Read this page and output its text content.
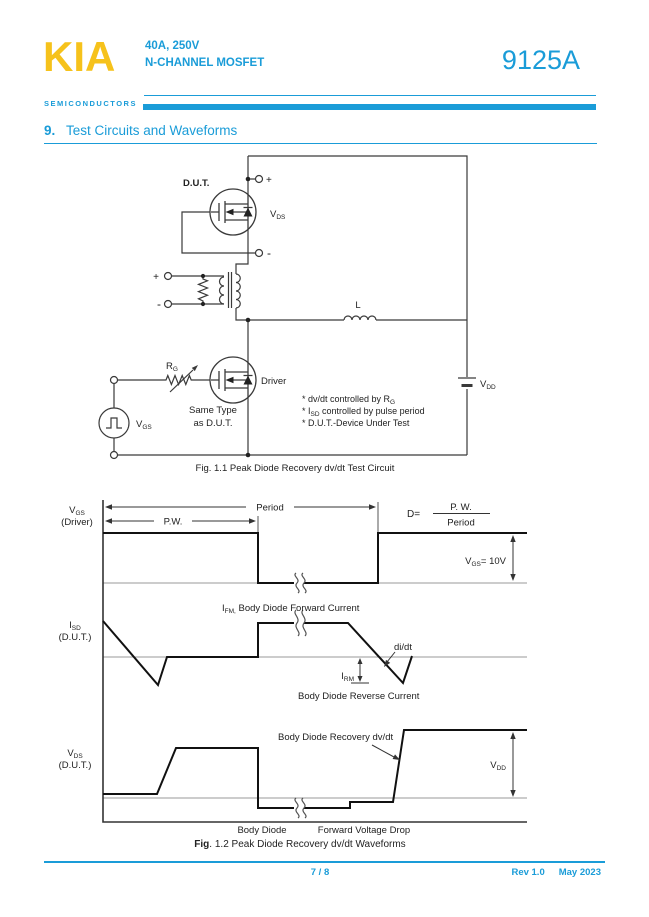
KIA
SEMICONDUCTORS
40A, 250V
N-CHANNEL MOSFET	9125A
9. Test Circuits and Waveforms
D.U.T.	+
-
$V_{DS}$
+
-
$R_G$
Driver
Same Type
as D.U.T.
$V_{GS}$
L
$V_{DD}$
* dv/dt controlled by $R_G$
* $I_{SD}$ controlled by pulse period
* D.U.T.-Device Under Test
Fig. 1.1 Peak Diode Recovery dv/dt Test Circuit
$V_{GS}$
(Driver)
$I_{SD}$
(D.U.T.)
$V_{DS}$
(D.U.T.)
P.W.
Period
D=
P. W.
Period
$V_{GS}= 10V$
$I_{FM,}$ Body Diode Forward Current
di/dt
$I_{RM}$
Body Diode Reverse Current
Body Diode Recovery dv/dt
$V_{DD}$
Body Diode	Forward Voltage Drop
Fig. 1.2 Peak Diode Recovery dv/dt Waveforms
7 / 8	Rev 1.0 May 2023
